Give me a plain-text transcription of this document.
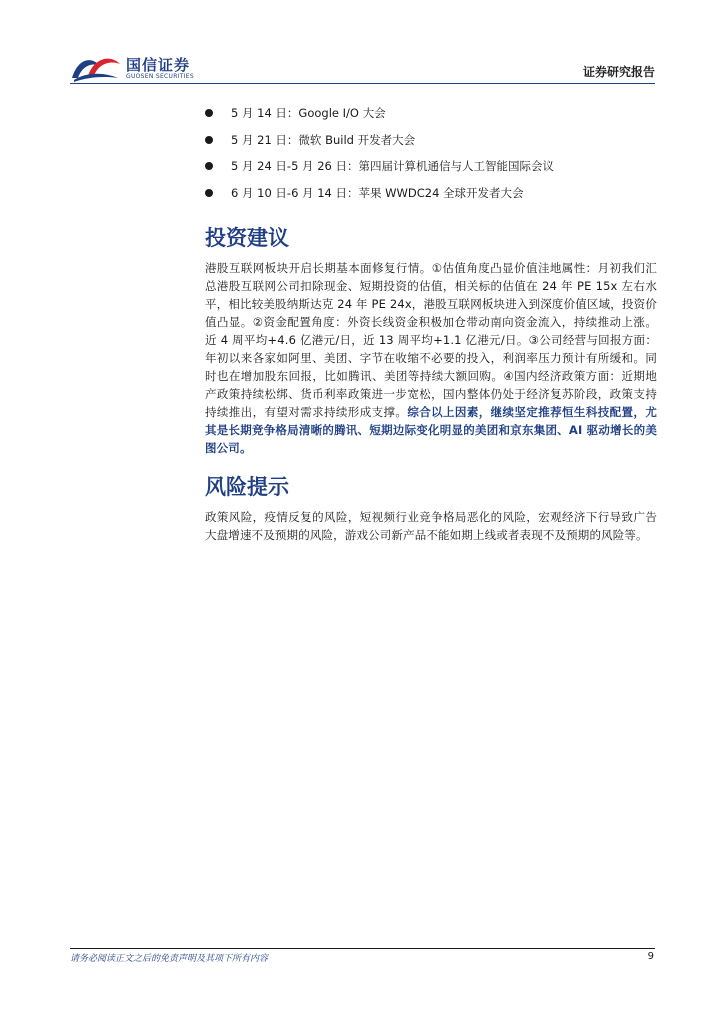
国信证券
GUOSEN SECURITIES	证券研究报告
5 月 14 日：Google I/O 大会
5 月 21 日：微软 Build 开发者大会
5 月 24 日-5 月 26 日：第四届计算机通信与人工智能国际会议
6 月 10 日-6 月 14 日：苹果 WWDC24 全球开发者大会
投资建议

港股互联网板块开启长期基本面修复行情。①估值角度凸显价值洼地属性：月初我们汇总港股互联网公司扣除现金、短期投资的估值，相关标的估值在 24 年 PE 15x 左右水平，相比较美股纳斯达克 24 年 PE 24x，港股互联网板块进入到深度价值区域，投资价值凸显。②资金配置角度：外资长线资金积极加仓带动南向资金流入，持续推动上涨。近 4 周平均+4.6 亿港元/日，近 13 周平均+1.1 亿港元/日。③公司经营与回报方面：年初以来各家如阿里、美团、字节在收缩不必要的投入，利润率压力预计有所缓和。同时也在增加股东回报，比如腾讯、美团等持续大额回购。④国内经济政策方面：近期地产政策持续松绑、货币利率政策进一步宽松，国内整体仍处于经济复苏阶段，政策支持持续推出，有望对需求持续形成支撑。综合以上因素，继续坚定推荐恒生科技配置，尤其是长期竞争格局清晰的腾讯、短期边际变化明显的美团和京东集团、AI 驱动增长的美图公司。

风险提示

政策风险，疫情反复的风险，短视频行业竞争格局恶化的风险，宏观经济下行导致广告大盘增速不及预期的风险，游戏公司新产品不能如期上线或者表现不及预期的风险等。

请务必阅读正文之后的免责声明及其项下所有内容	9
